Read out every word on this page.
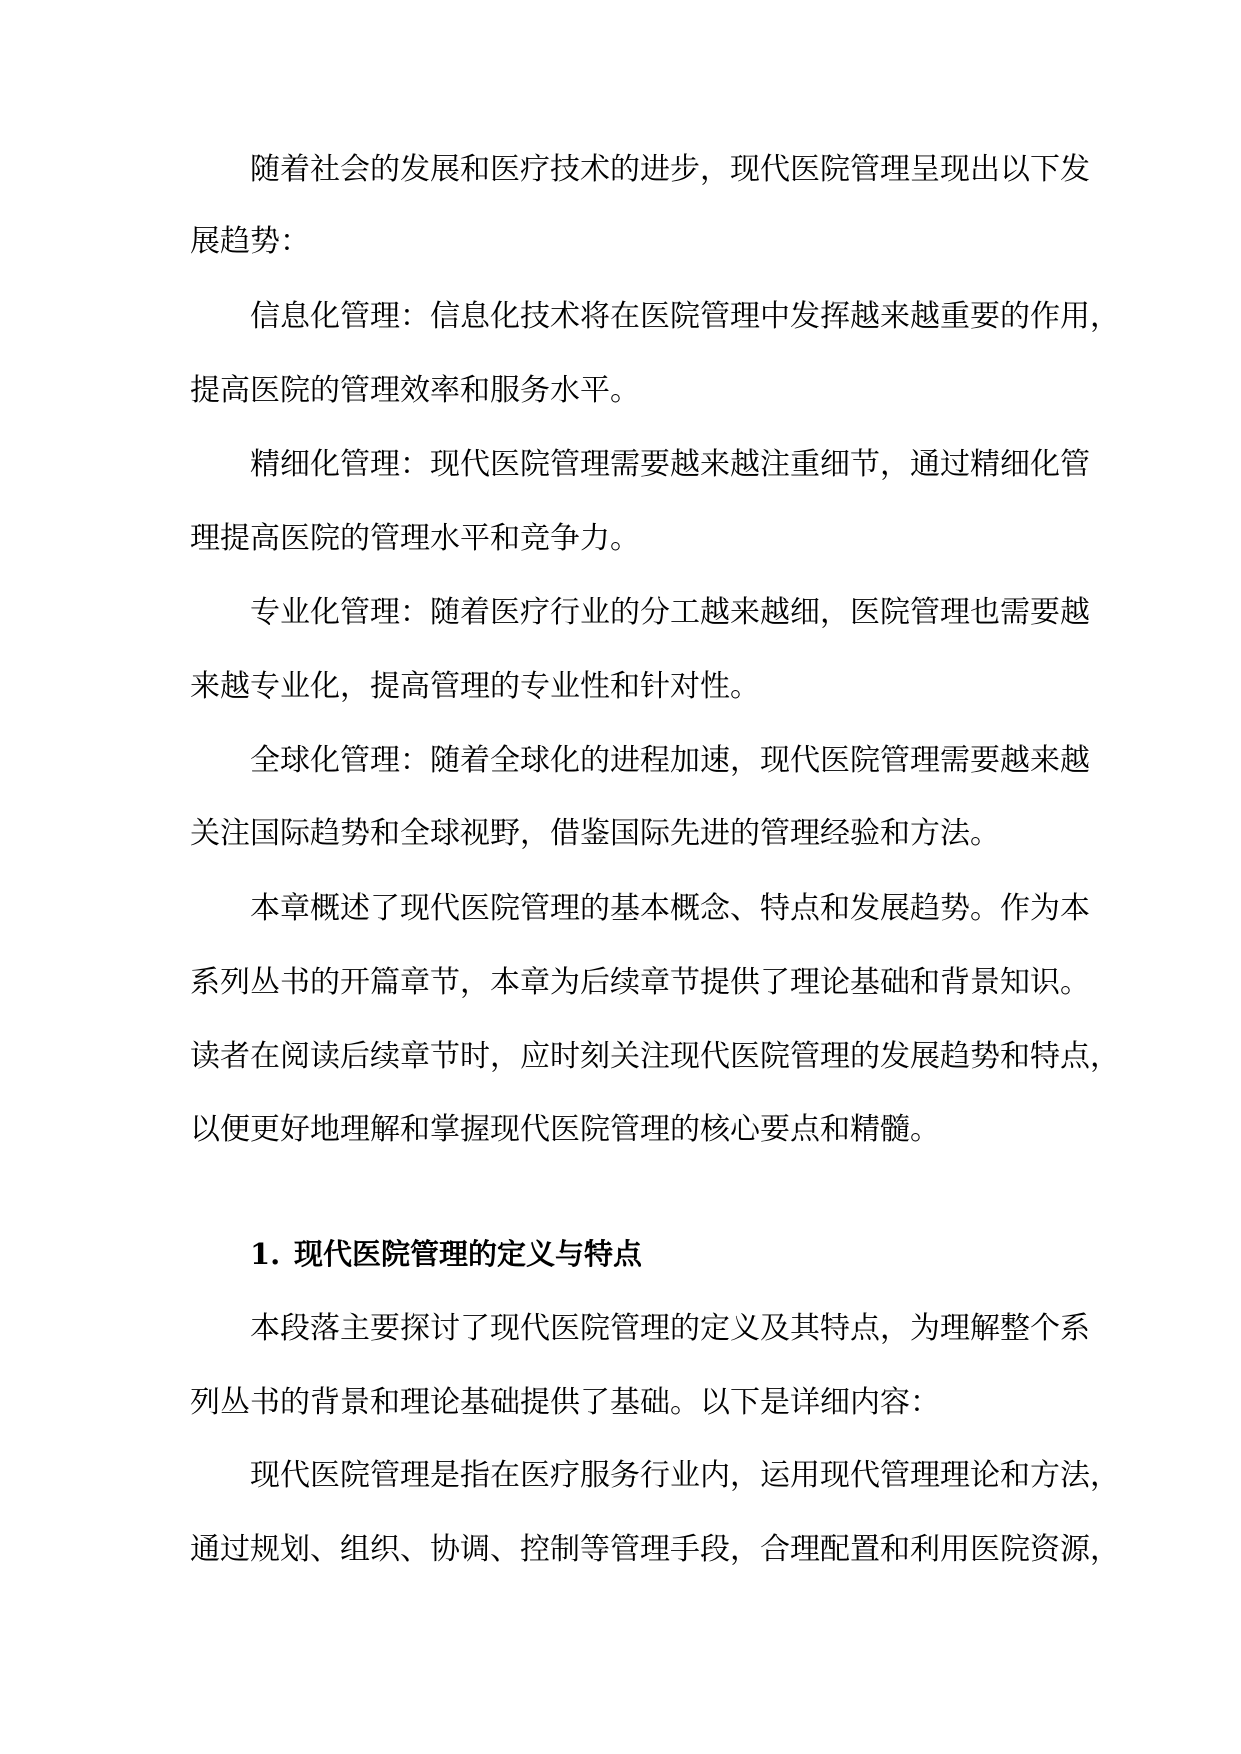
随着社会的发展和医疗技术的进步，现代医院管理呈现出以下发
展趋势：
信息化管理：信息化技术将在医院管理中发挥越来越重要的作用，
提高医院的管理效率和服务水平。
精细化管理：现代医院管理需要越来越注重细节，通过精细化管
理提高医院的管理水平和竞争力。
专业化管理：随着医疗行业的分工越来越细，医院管理也需要越
来越专业化，提高管理的专业性和针对性。
全球化管理：随着全球化的进程加速，现代医院管理需要越来越
关注国际趋势和全球视野，借鉴国际先进的管理经验和方法。
本章概述了现代医院管理的基本概念、特点和发展趋势。作为本
系列丛书的开篇章节，本章为后续章节提供了理论基础和背景知识。
读者在阅读后续章节时，应时刻关注现代医院管理的发展趋势和特点，
以便更好地理解和掌握现代医院管理的核心要点和精髓。
1. 现代医院管理的定义与特点
本段落主要探讨了现代医院管理的定义及其特点，为理解整个系
列丛书的背景和理论基础提供了基础。以下是详细内容：
现代医院管理是指在医疗服务行业内，运用现代管理理论和方法，
通过规划、组织、协调、控制等管理手段，合理配置和利用医院资源，
